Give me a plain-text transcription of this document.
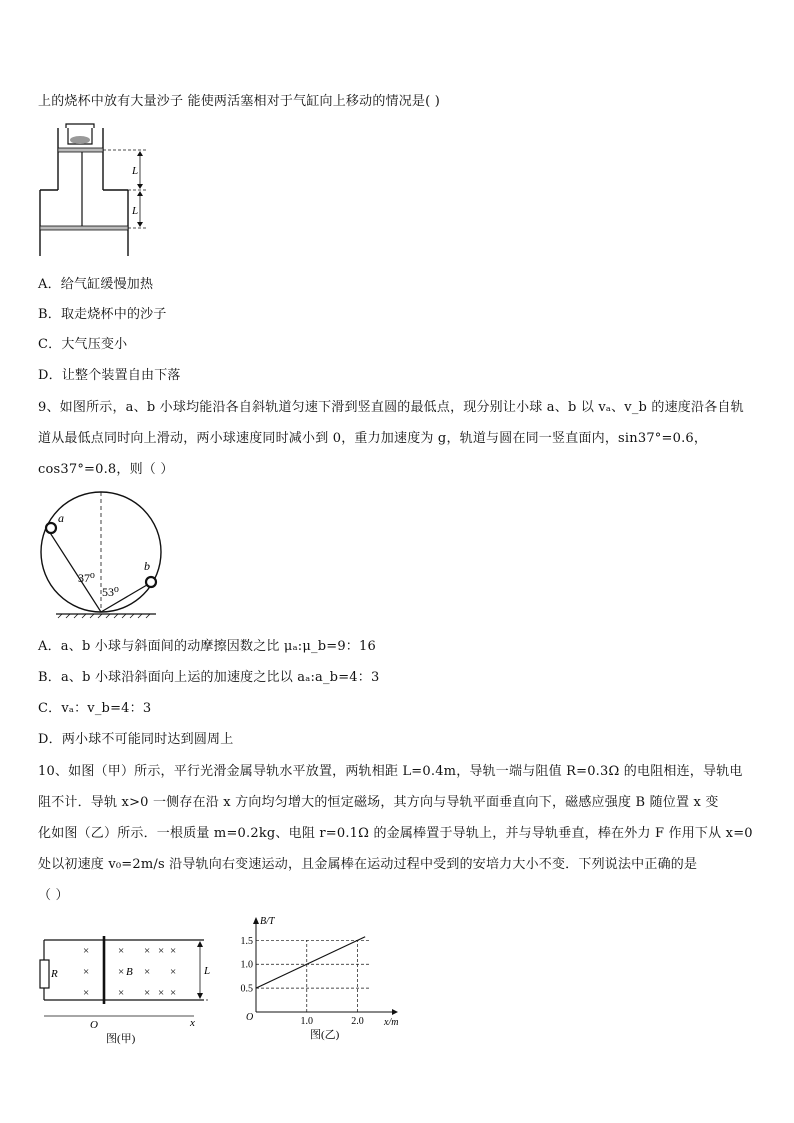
上的烧杯中放有大量沙子 能使两活塞相对于气缸向上移动的情况是( )
L
L
A．给气缸缓慢加热
B．取走烧杯中的沙子
C．大气压变小
D．让整个装置自由下落
9、如图所示，a、b 小球均能沿各自斜轨道匀速下滑到竖直圆的最低点，现分别让小球 a、b 以 vₐ、v_b 的速度沿各自轨
道从最低点同时向上滑动，两小球速度同时减小到 0，重力加速度为 g，轨道与圆在同一竖直面内，sin37°=0.6，
cos37°=0.8，则（ ）
a
b
37⁰
53⁰
A．a、b 小球与斜面间的动摩擦因数之比 μₐ:μ_b=9：16
B．a、b 小球沿斜面向上运的加速度之比以 aₐ:a_b=4：3
C．vₐ：v_b=4：3
D．两小球不可能同时达到圆周上
10、如图（甲）所示，平行光滑金属导轨水平放置，两轨相距 L=0.4m，导轨一端与阻值 R=0.3Ω 的电阻相连，导轨电
阻不计．导轨 x>0 一侧存在沿 x 方向均匀增大的恒定磁场，其方向与导轨平面垂直向下，磁感应强度 B 随位置 x 变
化如图（乙）所示．一根质量 m=0.2kg、电阻 r=0.1Ω 的金属棒置于导轨上，并与导轨垂直，棒在外力 F 作用下从 x=0
处以初速度 v₀=2m/s 沿导轨向右变速运动，且金属棒在运动过程中受到的安培力大小不变．下列说法中正确的是
（ ）
R
×
×
×
×
×
×
×
×
×
×
×
×
×
×
B	L
O	x
图(甲)
B/T
x/m
O
0.5
1.0
1.5
1.0	2.0
图(乙)
